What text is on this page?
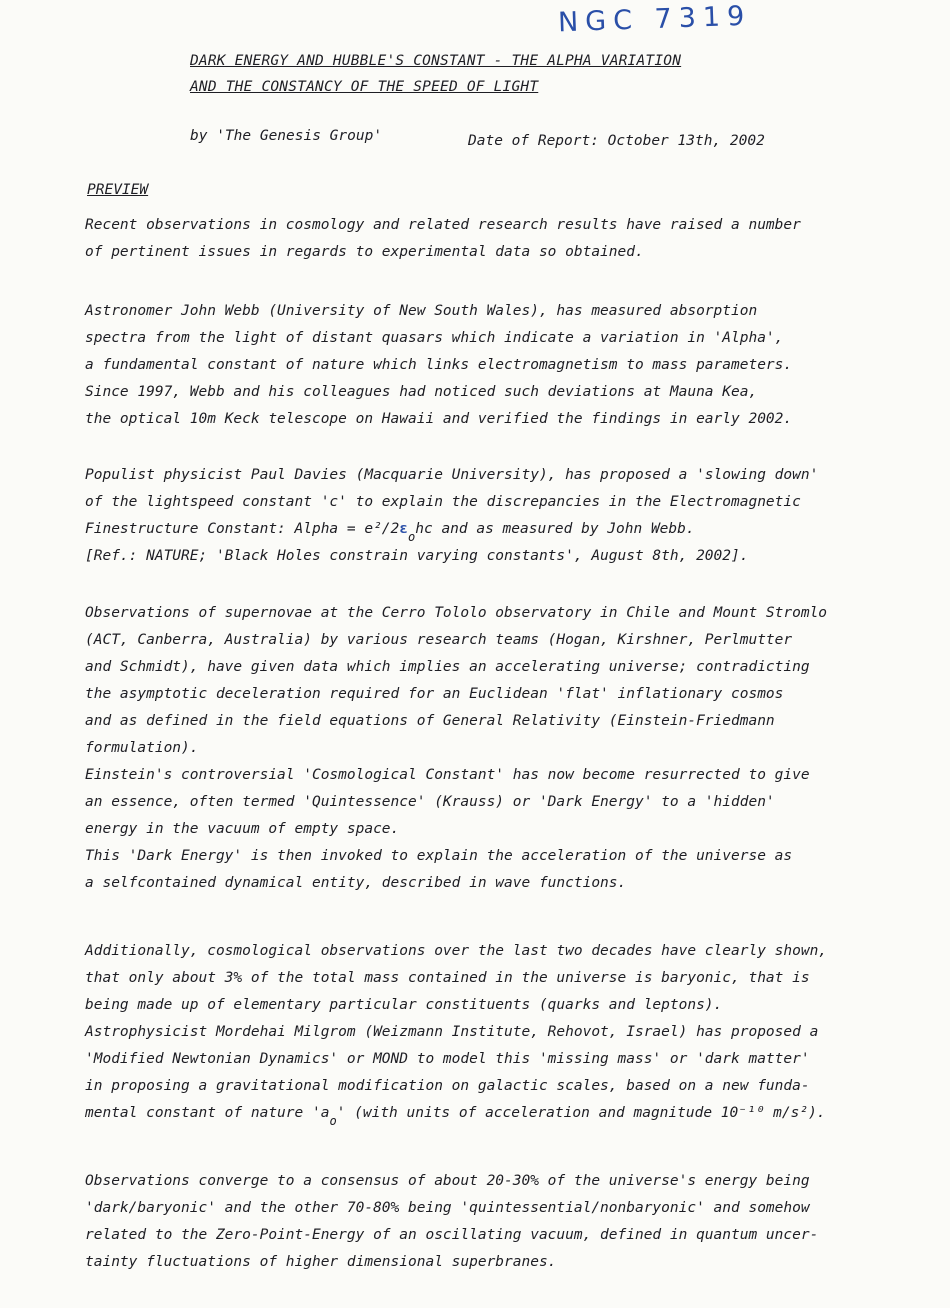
NGC 7319
DARK ENERGY AND HUBBLE'S CONSTANT - THE ALPHA VARIATION
AND THE CONSTANCY OF THE SPEED OF LIGHT
by 'The Genesis Group'	Date of Report: October 13th, 2002
PREVIEW
Recent observations in cosmology and related research results have raised a number
of pertinent issues in regards to experimental data so obtained.
Astronomer John Webb (University of New South Wales), has measured absorption
spectra from the light of distant quasars which indicate a variation in 'Alpha',
a fundamental constant of nature which links electromagnetism to mass parameters.
Since 1997, Webb and his colleagues had noticed such deviations at Mauna Kea,
the optical 10m Keck telescope on Hawaii and verified the findings in early 2002.
Populist physicist Paul Davies (Macquarie University), has proposed a 'slowing down'
of the lightspeed constant 'c' to explain the discrepancies in the Electromagnetic
Finestructure Constant: Alpha = $e^2/2\varepsilon_ohc$ and as measured by John Webb.
[Ref.: NATURE; 'Black Holes constrain varying constants', August 8th, 2002].
Observations of supernovae at the Cerro Tololo observatory in Chile and Mount Stromlo
(ACT, Canberra, Australia) by various research teams (Hogan, Kirshner, Perlmutter
and Schmidt), have given data which implies an accelerating universe; contradicting
the asymptotic deceleration required for an Euclidean 'flat' inflationary cosmos
and as defined in the field equations of General Relativity (Einstein-Friedmann
formulation).
Einstein's controversial 'Cosmological Constant' has now become resurrected to give
an essence, often termed 'Quintessence' (Krauss) or 'Dark Energy' to a 'hidden'
energy in the vacuum of empty space.
This 'Dark Energy' is then invoked to explain the acceleration of the universe as
a selfcontained dynamical entity, described in wave functions.
Additionally, cosmological observations over the last two decades have clearly shown,
that only about 3% of the total mass contained in the universe is baryonic, that is
being made up of elementary particular constituents (quarks and leptons).
Astrophysicist Mordehai Milgrom (Weizmann Institute, Rehovot, Israel) has proposed a
'Modified Newtonian Dynamics' or MOND to model this 'missing mass' or 'dark matter'
in proposing a gravitational modification on galactic scales, based on a new funda-
mental constant of nature '$a_o$' (with units of acceleration and magnitude 10⁻¹⁰ m/s²).
Observations converge to a consensus of about 20-30% of the universe's energy being
'dark/baryonic' and the other 70-80% being 'quintessential/nonbaryonic' and somehow
related to the Zero-Point-Energy of an oscillating vacuum, defined in quantum uncer-
tainty fluctuations of higher dimensional superbranes.
